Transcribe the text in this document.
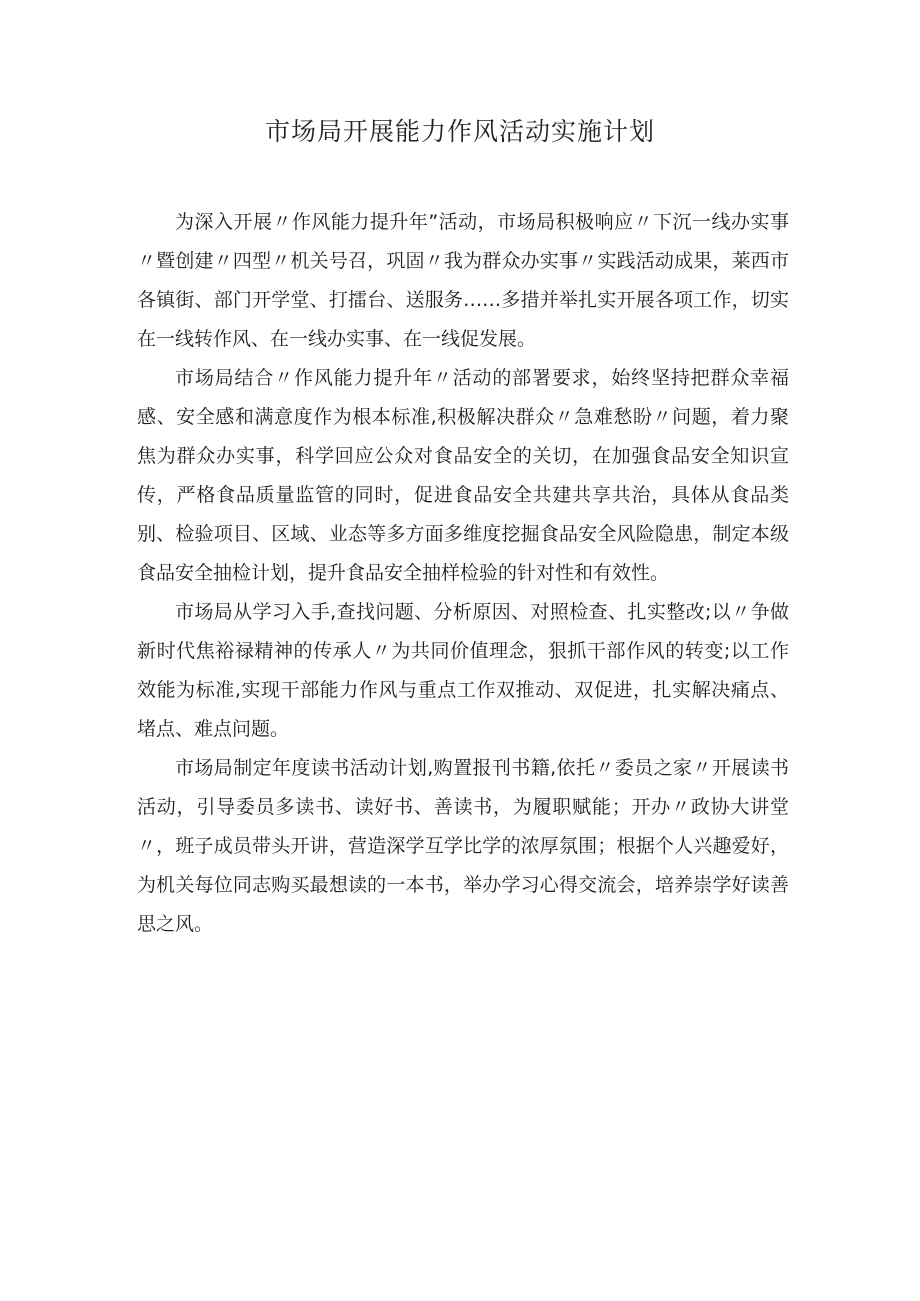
市场局开展能力作风活动实施计划

为深入开展〃作风能力提升年”活动，市场局积极响应〃下沉一线办实事〃暨创建〃四型〃机关号召，巩固〃我为群众办实事〃实践活动成果，莱西市各镇街、部门开学堂、打擂台、送服务……多措并举扎实开展各项工作，切实在一线转作风、在一线办实事、在一线促发展。

市场局结合〃作风能力提升年〃活动的部署要求，始终坚持把群众幸福感、安全感和满意度作为根本标准,积极解决群众〃急难愁盼〃问题，着力聚焦为群众办实事，科学回应公众对食品安全的关切，在加强食品安全知识宣传，严格食品质量监管的同时，促进食品安全共建共享共治，具体从食品类别、检验项目、区域、业态等多方面多维度挖掘食品安全风险隐患，制定本级食品安全抽检计划，提升食品安全抽样检验的针对性和有效性。

市场局从学习入手,查找问题、分析原因、对照检查、扎实整改;以〃争做新时代焦裕禄精神的传承人〃为共同价值理念，狠抓干部作风的转变;以工作效能为标准,实现干部能力作风与重点工作双推动、双促进，扎实解决痛点、堵点、难点问题。

市场局制定年度读书活动计划,购置报刊书籍,依托〃委员之家〃开展读书活动，引导委员多读书、读好书、善读书，为履职赋能；开办〃政协大讲堂〃，班子成员带头开讲，营造深学互学比学的浓厚氛围；根据个人兴趣爱好，为机关每位同志购买最想读的一本书，举办学习心得交流会，培养崇学好读善思之风。
